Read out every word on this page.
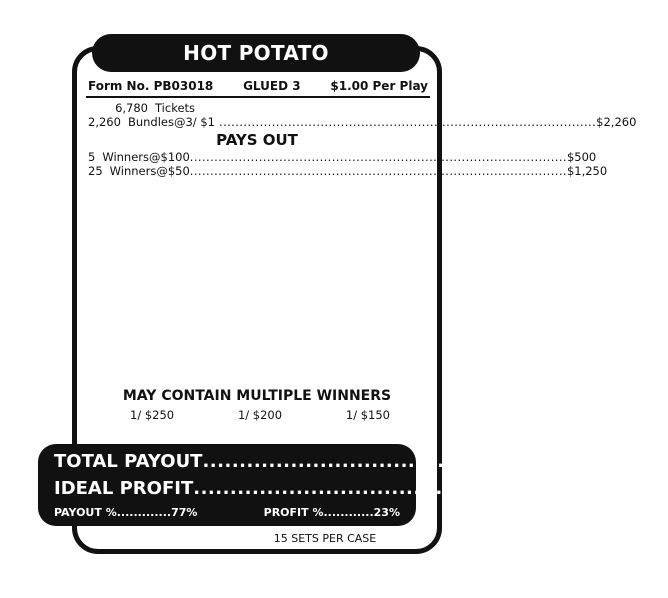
HOT POTATO
Form No. PB03018 GLUED 3 $1.00 Per Play
6,780 Tickets
2,260 Bundles @ 3/ $1 ............................................................................................. $2,260
PAYS OUT
5 Winners @ $100 ............................................................................................. $500
25 Winners @ $50 ............................................................................................. $1,250
MAY CONTAIN MULTIPLE WINNERS
1/ $250	1/ $200	1/ $150
TOTAL PAYOUT ...................................................... $1,750
IDEAL PROFIT ...................................................... $510
PAYOUT % ............. 77%	PROFIT % ............ 23%
15 SETS PER CASE
